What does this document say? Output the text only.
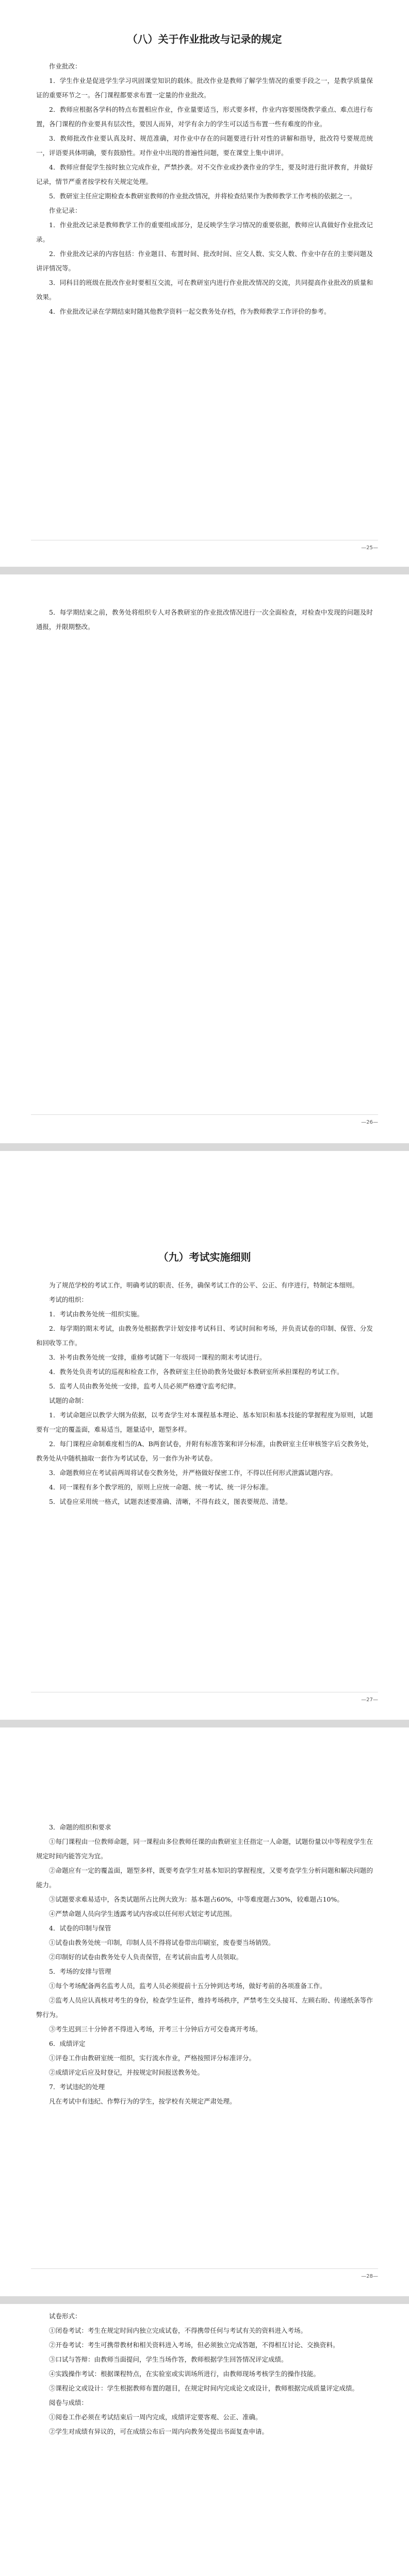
（八）关于作业批改与记录的规定

作业批改：

1．学生作业是促进学生学习巩固课堂知识的载体。批改作业是教师了解学生情况的重要手段之一，是教学质量保证的重要环节之一。各门课程都要求布置一定量的作业批改。

2．教师应根据各学科的特点布置相应作业，作业量要适当，形式要多样，作业内容要围绕教学重点、难点进行布置，各门课程的作业要具有层次性，要因人而异，对学有余力的学生可以适当布置一些有难度的作业。

3．教师批改作业要认真及时、规范准确，对作业中存在的问题要进行针对性的讲解和指导，批改符号要规范统一，评语要具体明确，要有鼓励性。对作业中出现的普遍性问题，要在课堂上集中讲评。

4．教师应督促学生按时独立完成作业，严禁抄袭。对不交作业或抄袭作业的学生，要及时进行批评教育，并做好记录，情节严重者按学校有关规定处理。

5．教研室主任应定期检查本教研室教师的作业批改情况，并将检查结果作为教师教学工作考核的依据之一。

作业记录：

1．作业批改记录是教师教学工作的重要组成部分，是反映学生学习情况的重要依据，教师应认真做好作业批改记录。

2．作业批改记录的内容包括：作业题目、布置时间、批改时间、应交人数、实交人数、作业中存在的主要问题及讲评情况等。

3．同科目的班级在批改作业时要相互交流，可在教研室内进行作业批改情况的交流，共同提高作业批改的质量和效果。

4．作业批改记录在学期结束时随其他教学资料一起交教务处存档，作为教师教学工作评价的参考。

—25—

5．每学期结束之前，教务处将组织专人对各教研室的作业批改情况进行一次全面检查，对检查中发现的问题及时通报，并限期整改。

—26—
（九）考试实施细则

为了规范学校的考试工作，明确考试的职责、任务，确保考试工作的公平、公正、有序进行，特制定本细则。

考试的组织：

1．考试由教务处统一组织实施。

2．每学期的期末考试，由教务处根据教学计划安排考试科目、考试时间和考场，并负责试卷的印制、保管、分发和回收等工作。

3．补考由教务处统一安排，重修考试随下一年级同一课程的期末考试进行。

4．教务处负责考试的巡视和检查工作，各教研室主任协助教务处做好本教研室所承担课程的考试工作。

5．监考人员由教务处统一安排，监考人员必须严格遵守监考纪律。

试题的命制：

1．考试命题应以教学大纲为依据，以考查学生对本课程基本理论、基本知识和基本技能的掌握程度为原则，试题要有一定的覆盖面，难易适当，题量适中，题型多样。

2．每门课程应命制难度相当的A、B两套试卷，并附有标准答案和评分标准，由教研室主任审核签字后交教务处，教务处从中随机抽取一套作为考试试卷，另一套作为补考试卷。

3．命题教师应在考试前两周将试卷交教务处，并严格做好保密工作，不得以任何形式泄露试题内容。

4．同一课程有多个教学班的，原则上应统一命题、统一考试、统一评分标准。

5．试卷应采用统一格式，试题表述要准确、清晰，不得有歧义，图表要规范、清楚。

—27—

3．命题的组织和要求

①每门课程由一位教师命题，同一课程由多位教师任课的由教研室主任指定一人命题，试题份量以中等程度学生在规定时间内能答完为宜。

②命题应有一定的覆盖面，题型多样，既要考查学生对基本知识的掌握程度，又要考查学生分析问题和解决问题的能力。

③试题要求难易适中，各类试题所占比例大致为：基本题占60%，中等难度题占30%，较难题占10%。

④严禁命题人员向学生透露考试内容或以任何形式划定考试范围。

4．试卷的印制与保管

①试卷由教务处统一印制，印制人员不得将试卷带出印刷室，废卷要当场销毁。

②印制好的试卷由教务处专人负责保管，在考试前由监考人员领取。

5．考场的安排与管理

①每个考场配备两名监考人员，监考人员必须提前十五分钟到达考场，做好考前的各项准备工作。

②监考人员应认真核对考生的身份，检查学生证件，维持考场秩序，严禁考生交头接耳、左顾右盼、传递纸条等作弊行为。

③考生迟到三十分钟者不得进入考场，开考三十分钟后方可交卷离开考场。

6．成绩评定

①评卷工作由教研室统一组织，实行流水作业，严格按照评分标准评分。

②成绩评定后应及时登记，并按规定时间报送教务处。

7．考试违纪的处理

凡在考试中有违纪、作弊行为的学生，按学校有关规定严肃处理。

—28—

试卷形式：

①闭卷考试：考生在规定时间内独立完成试卷，不得携带任何与考试有关的资料进入考场。

②开卷考试：考生可携带教材和相关资料进入考场，但必须独立完成答题，不得相互讨论、交换资料。

③口试与答辩：由教师当面提问，学生当场作答，教师根据学生回答情况评定成绩。

④实践操作考试：根据课程特点，在实验室或实训场所进行，由教师现场考核学生的操作技能。

⑤课程论文或设计：学生根据教师布置的题目，在规定时间内完成论文或设计，教师根据完成质量评定成绩。

阅卷与成绩：

①阅卷工作必须在考试结束后一周内完成，成绩评定要客观、公正、准确。

②学生对成绩有异议的，可在成绩公布后一周内向教务处提出书面复查申请。
